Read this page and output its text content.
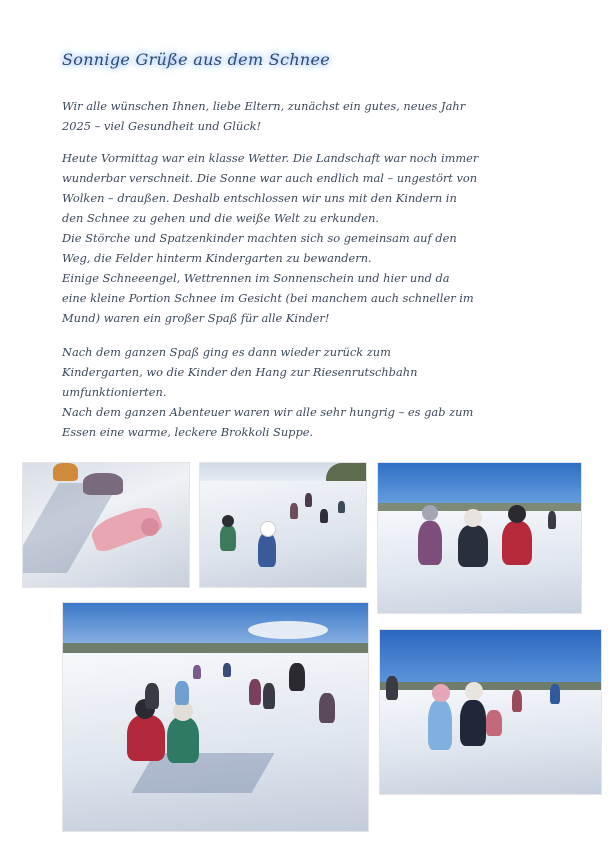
Sonnige Grüße aus dem Schnee

Wir alle wünschen Ihnen, liebe Eltern, zunächst ein gutes, neues Jahr
2025 – viel Gesundheit und Glück!

Heute Vormittag war ein klasse Wetter. Die Landschaft war noch immer
wunderbar verschneit. Die Sonne war auch endlich mal – ungestört von
Wolken – draußen. Deshalb entschlossen wir uns mit den Kindern in
den Schnee zu gehen und die weiße Welt zu erkunden.
Die Störche und Spatzenkinder machten sich so gemeinsam auf den
Weg, die Felder hinterm Kindergarten zu bewandern.
Einige Schneeengel, Wettrennen im Sonnenschein und hier und da
eine kleine Portion Schnee im Gesicht (bei manchem auch schneller im
Mund) waren ein großer Spaß für alle Kinder!

Nach dem ganzen Spaß ging es dann wieder zurück zum
Kindergarten, wo die Kinder den Hang zur Riesenrutschbahn
umfunktionierten.
Nach dem ganzen Abenteuer waren wir alle sehr hungrig – es gab zum
Essen eine warme, leckere Brokkoli Suppe.
